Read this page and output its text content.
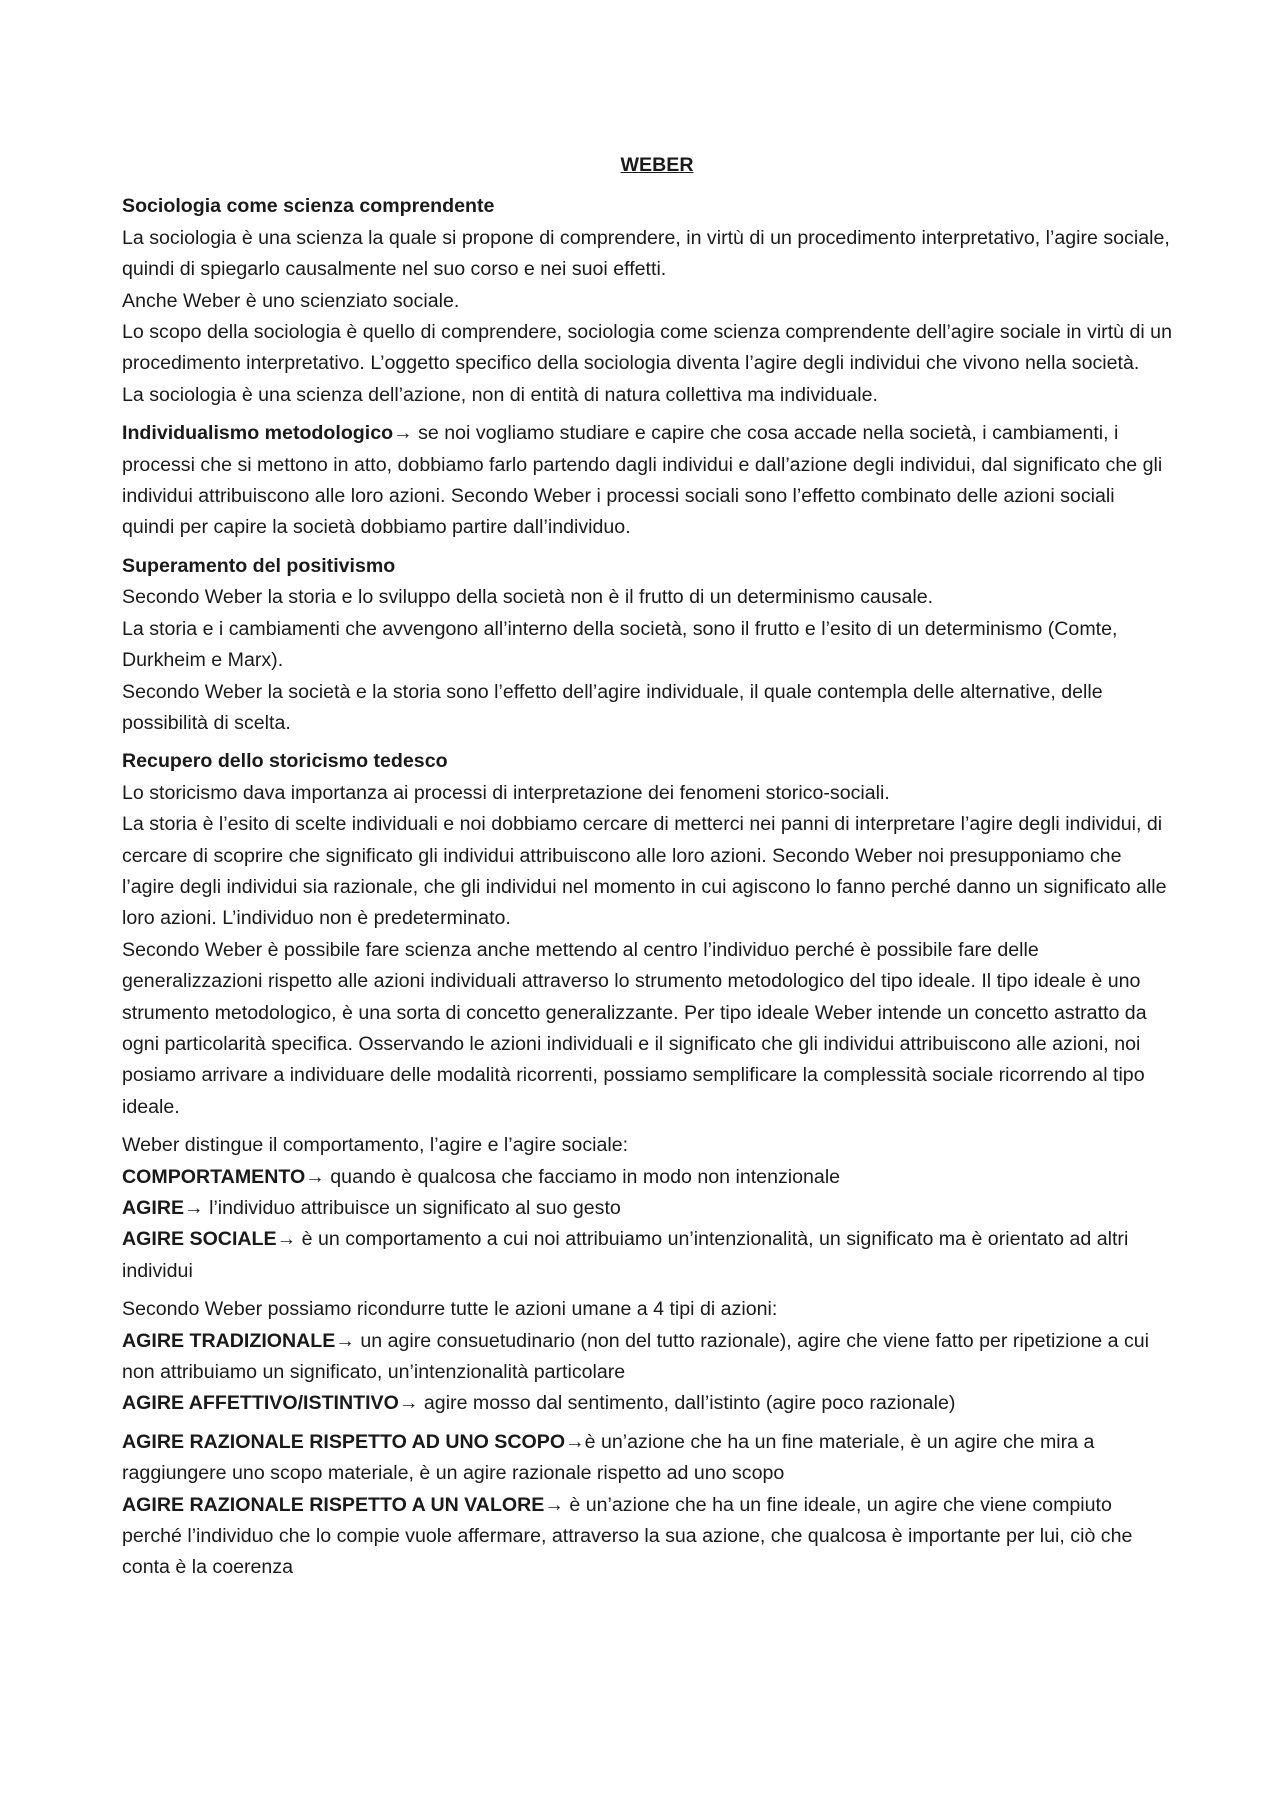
WEBER

Sociologia come scienza comprendente

La sociologia è una scienza la quale si propone di comprendere, in virtù di un procedimento interpretativo, l’agire sociale, quindi di spiegarlo causalmente nel suo corso e nei suoi effetti.

Anche Weber è uno scienziato sociale.

Lo scopo della sociologia è quello di comprendere, sociologia come scienza comprendente dell’agire sociale in virtù di un procedimento interpretativo. L’oggetto specifico della sociologia diventa l’agire degli individui che vivono nella società.

La sociologia è una scienza dell’azione, non di entità di natura collettiva ma individuale.

Individualismo metodologico→ se noi vogliamo studiare e capire che cosa accade nella società, i cambiamenti, i processi che si mettono in atto, dobbiamo farlo partendo dagli individui e dall’azione degli individui, dal significato che gli individui attribuiscono alle loro azioni. Secondo Weber i processi sociali sono l’effetto combinato delle azioni sociali quindi per capire la società dobbiamo partire dall’individuo.

Superamento del positivismo

Secondo Weber la storia e lo sviluppo della società non è il frutto di un determinismo causale.

La storia e i cambiamenti che avvengono all’interno della società, sono il frutto e l’esito di un determinismo (Comte, Durkheim e Marx).

Secondo Weber la società e la storia sono l’effetto dell’agire individuale, il quale contempla delle alternative, delle possibilità di scelta.

Recupero dello storicismo tedesco

Lo storicismo dava importanza ai processi di interpretazione dei fenomeni storico-sociali.

La storia è l’esito di scelte individuali e noi dobbiamo cercare di metterci nei panni di interpretare l’agire degli individui, di cercare di scoprire che significato gli individui attribuiscono alle loro azioni. Secondo Weber noi presupponiamo che l’agire degli individui sia razionale, che gli individui nel momento in cui agiscono lo fanno perché danno un significato alle loro azioni. L’individuo non è predeterminato.

Secondo Weber è possibile fare scienza anche mettendo al centro l’individuo perché è possibile fare delle generalizzazioni rispetto alle azioni individuali attraverso lo strumento metodologico del tipo ideale. Il tipo ideale è uno strumento metodologico, è una sorta di concetto generalizzante. Per tipo ideale Weber intende un concetto astratto da ogni particolarità specifica. Osservando le azioni individuali e il significato che gli individui attribuiscono alle azioni, noi posiamo arrivare a individuare delle modalità ricorrenti, possiamo semplificare la complessità sociale ricorrendo al tipo ideale.

Weber distingue il comportamento, l’agire e l’agire sociale:

COMPORTAMENTO→ quando è qualcosa che facciamo in modo non intenzionale

AGIRE→ l’individuo attribuisce un significato al suo gesto

AGIRE SOCIALE→ è un comportamento a cui noi attribuiamo un’intenzionalità, un significato ma è orientato ad altri individui

Secondo Weber possiamo ricondurre tutte le azioni umane a 4 tipi di azioni:

AGIRE TRADIZIONALE→ un agire consuetudinario (non del tutto razionale), agire che viene fatto per ripetizione a cui non attribuiamo un significato, un’intenzionalità particolare

AGIRE AFFETTIVO/ISTINTIVO→ agire mosso dal sentimento, dall’istinto (agire poco razionale)

AGIRE RAZIONALE RISPETTO AD UNO SCOPO→è un’azione che ha un fine materiale, è un agire che mira a raggiungere uno scopo materiale, è un agire razionale rispetto ad uno scopo

AGIRE RAZIONALE RISPETTO A UN VALORE→ è un’azione che ha un fine ideale, un agire che viene compiuto perché l’individuo che lo compie vuole affermare, attraverso la sua azione, che qualcosa è importante per lui, ciò che conta è la coerenza
